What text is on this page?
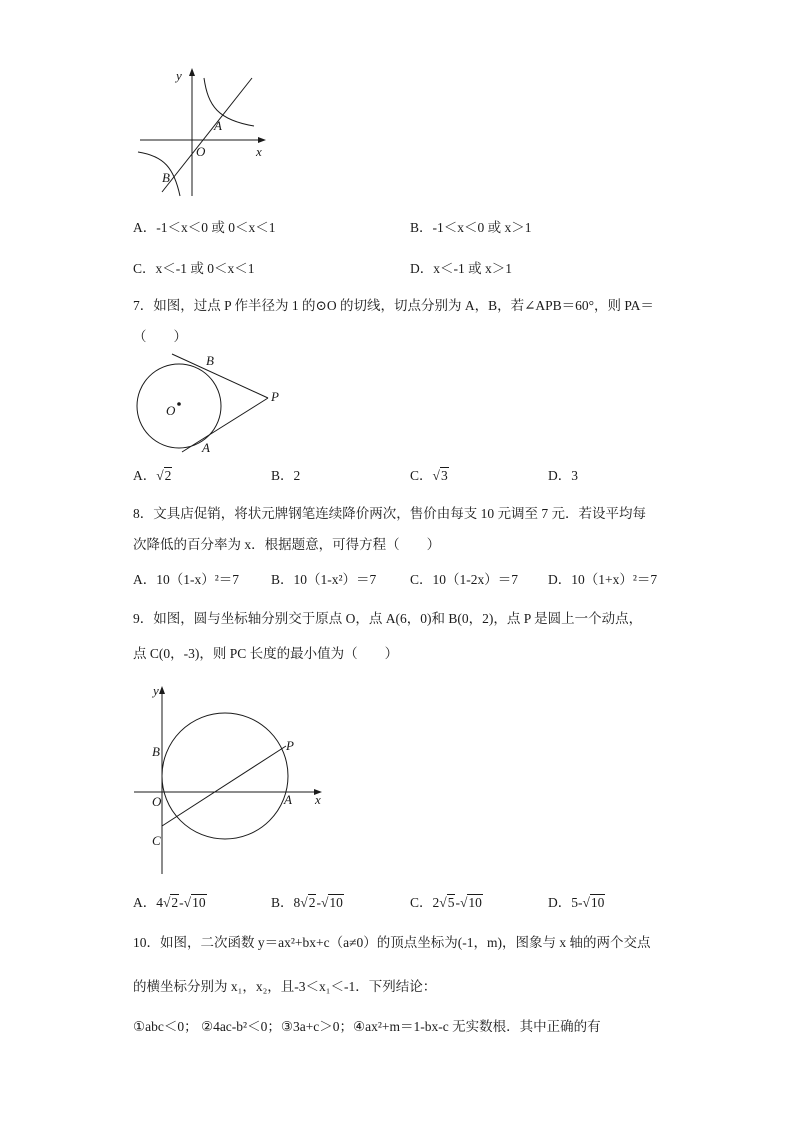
y
x
O
A
B
A．-1＜x＜0 或 0＜x＜1	B．-1＜x＜0 或 x＞1
C．x＜-1 或 0＜x＜1	D．x＜-1 或 x＞1
7．如图，过点 P 作半径为 1 的⊙O 的切线，切点分别为 A，B，若∠APB＝60°，则 PA＝
（　　）
B
P
O
A
A．√2	B．2	C．√3	D．3
8．文具店促销，将状元牌钢笔连续降价两次，售价由每支 10 元调至 7 元．若设平均每
次降低的百分率为 x．根据题意，可得方程（　　）
A．10（1-x）²＝7 B．10（1-x²）＝7 C．10（1-2x）＝7 D．10（1+x）²＝7
9．如图，圆与坐标轴分别交于原点 O，点 A(6，0)和 B(0，2)，点 P 是圆上一个动点，
点 C(0，-3)，则 PC 长度的最小值为（　　）
y
B	P
O	A x
C
A．4√2-√10	B．8√2-√10	C．2√5-√10	D．5-√10
10．如图，二次函数 y＝ax²+bx+c（a≠0）的顶点坐标为(-1，m)，图象与 x 轴的两个交点
的横坐标分别为 x₁，x₂，且-3＜x₁＜-1．下列结论：
①abc＜0； ②4ac-b²＜0；③3a+c＞0；④ax²+m＝1-bx-c 无实数根．其中正确的有
